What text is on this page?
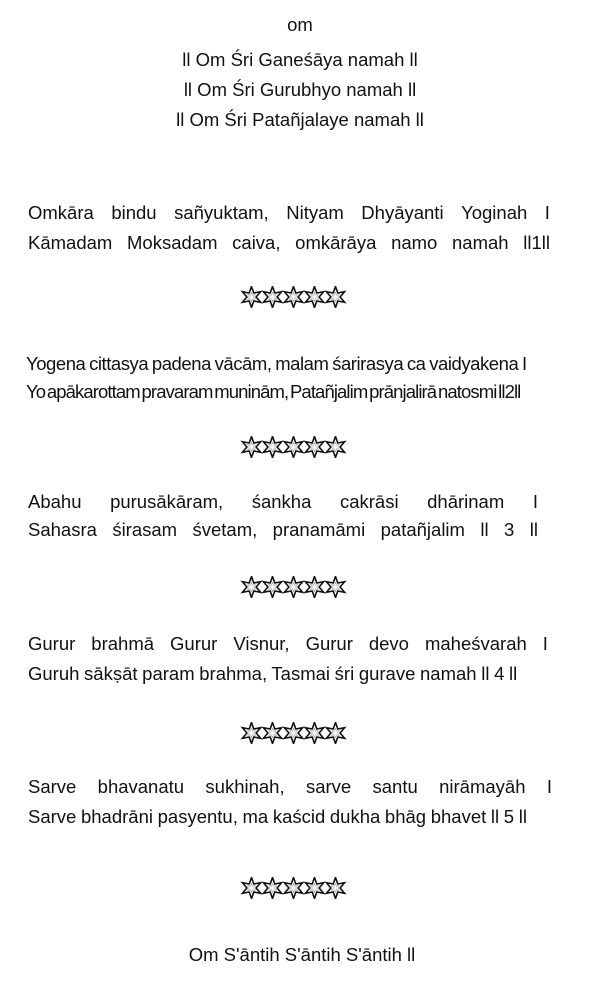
om
ll Om Śri Ganeśāya namah ll
ll Om Śri Gurubhyo namah ll
ll Om Śri Patañjalaye namah ll
Omkāra bindu sañyuktam, Nityam Dhyāyanti Yoginah I
Kāmadam Moksadam caiva, omkārāya namo namah ll1ll
Yogena cittasya padena vācām, malam śarirasya ca vaidyakena I
Yo apākarottam pravaram muninām, Patañjalim prānjalirā natosmi ll2ll
Abahu purusākāram, śankha cakrāsi dhārinam I
Sahasra śirasam śvetam, pranamāmi patañjalim ll 3 ll
Gurur brahmā Gurur Visnur, Gurur devo maheśvarah I
Guruh sākṣāt param brahma, Tasmai śri gurave namah ll 4 ll
Sarve bhavanatu sukhinah, sarve santu nirāmayāh I
Sarve bhadrāni pasyentu, ma kaścid dukha bhāg bhavet ll 5 ll
Om S'āntih S'āntih S'āntih ll
